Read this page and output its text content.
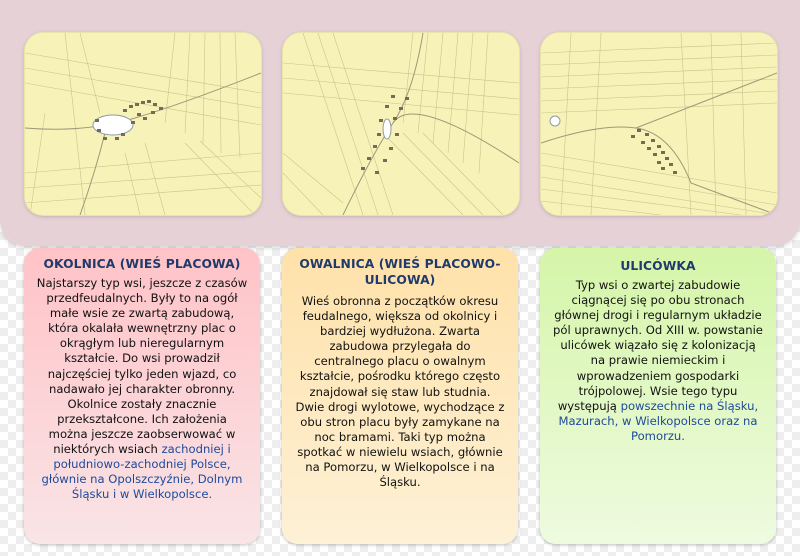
OKOLNICA (WIEŚ PLACOWA)
Najstarszy typ wsi, jeszcze z czasów przedfeudalnych. Były to na ogół małe wsie ze zwartą zabudową, która okalała wewnętrzny plac o okrągłym lub nieregularnym kształcie. Do wsi prowadził najczęściej tylko jeden wjazd, co nadawało jej charakter obronny. Okolnice zostały znacznie przekształcone. Ich założenia można jeszcze zaobserwować w niektórych wsiach zachodniej i południowo-zachodniej Polsce, głównie na Opolszczyźnie, Dolnym Śląsku i w Wielkopolsce.
OWALNICA (WIEŚ PLACOWO-ULICOWA)
Wieś obronna z początków okresu feudalnego, większa od okolnicy i bardziej wydłużona. Zwarta zabudowa przylegała do centralnego placu o owalnym kształcie, pośrodku którego często znajdował się staw lub studnia. Dwie drogi wylotowe, wychodzące z obu stron placu były zamykane na noc bramami. Taki typ można spotkać w niewielu wsiach, głównie na Pomorzu, w Wielkopolsce i na Śląsku.
ULICÓWKA
Typ wsi o zwartej zabudowie ciągnącej się po obu stronach głównej drogi i regularnym układzie pól uprawnych. Od XIII w. powstanie ulicówek wiązało się z kolonizacją na prawie niemieckim i wprowadzeniem gospodarki trójpolowej. Wsie tego typu występują powszechnie na Śląsku, Mazurach, w Wielkopolsce oraz na Pomorzu.
